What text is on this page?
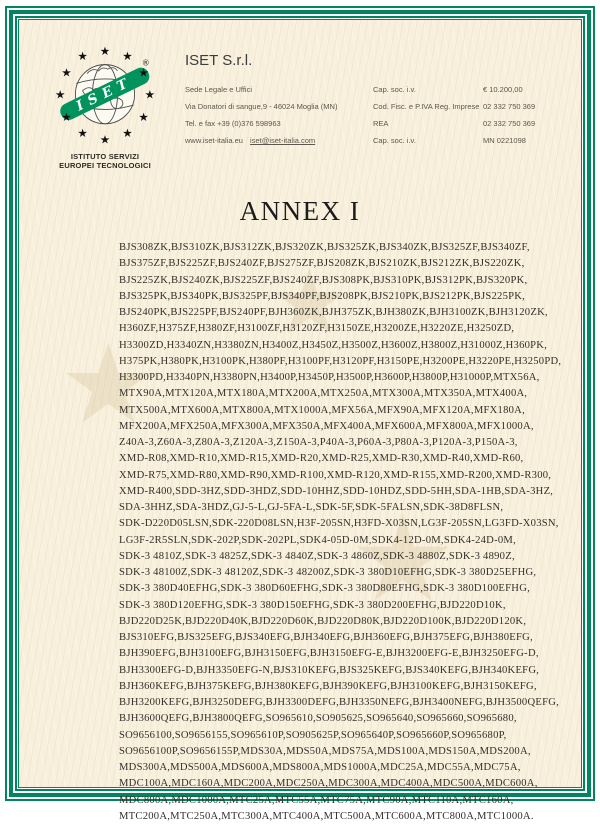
★
★
★
ISET
★ ★
★
★
★
★
★
★
★
★
★
★	®
ISTITUTO SERVIZI
EUROPEI TECNOLOGICI
ISET S.r.l.
Sede Legale e Uffici	Cap. soc. i.v.	€ 10.200,00
Via Donatori di sangue,9 - 46024 Moglia (MN)	Cod. Fisc. e P.IVA Reg. Imprese 02 332 750 369
Tel. e fax +39 (0)376 598963	REA	02 332 750 369
www.iset-italia.eu iset@iset-italia.com	Cap. soc. i.v.	MN 0221098
ANNEX I
BJS308ZK,BJS310ZK,BJS312ZK,BJS320ZK,BJS325ZK,BJS340ZK,BJS325ZF,BJS340ZF,
BJS375ZF,BJS225ZF,BJS240ZF,BJS275ZF,BJS208ZK,BJS210ZK,BJS212ZK,BJS220ZK,
BJS225ZK,BJS240ZK,BJS225ZF,BJS240ZF,BJS308PK,BJS310PK,BJS312PK,BJS320PK,
BJS325PK,BJS340PK,BJS325PF,BJS340PF,BJS208PK,BJS210PK,BJS212PK,BJS225PK,
BJS240PK,BJS225PF,BJS240PF,BJH360ZK,BJH375ZK,BJH380ZK,BJH3100ZK,BJH3120ZK,
H360ZF,H375ZF,H380ZF,H3100ZF,H3120ZF,H3150ZE,H3200ZE,H3220ZE,H3250ZD,
H3300ZD,H3340ZN,H3380ZN,H3400Z,H3450Z,H3500Z,H3600Z,H3800Z,H31000Z,H360PK,
H375PK,H380PK,H3100PK,H380PF,H3100PF,H3120PF,H3150PE,H3200PE,H3220PE,H3250PD,
H3300PD,H3340PN,H3380PN,H3400P,H3450P,H3500P,H3600P,H3800P,H31000P,MTX56A,
MTX90A,MTX120A,MTX180A,MTX200A,MTX250A,MTX300A,MTX350A,MTX400A,
MTX500A,MTX600A,MTX800A,MTX1000A,MFX56A,MFX90A,MFX120A,MFX180A,
MFX200A,MFX250A,MFX300A,MFX350A,MFX400A,MFX600A,MFX800A,MFX1000A,
Z40A-3,Z60A-3,Z80A-3,Z120A-3,Z150A-3,P40A-3,P60A-3,P80A-3,P120A-3,P150A-3,
XMD-R08,XMD-R10,XMD-R15,XMD-R20,XMD-R25,XMD-R30,XMD-R40,XMD-R60,
XMD-R75,XMD-R80,XMD-R90,XMD-R100,XMD-R120,XMD-R155,XMD-R200,XMD-R300,
XMD-R400,SDD-3HZ,SDD-3HDZ,SDD-10HHZ,SDD-10HDZ,SDD-5HH,SDA-1HB,SDA-3HZ,
SDA-3HHZ,SDA-3HDZ,GJ-5-L,GJ-5FA-L,SDK-5F,SDK-5FALSN,SDK-38D8FLSN,
SDK-D220D05LSN,SDK-220D08LSN,H3F-205SN,H3FD-X03SN,LG3F-205SN,LG3FD-X03SN,
LG3F-2R5SLN,SDK-202P,SDK-202PL,SDK4-05D-0M,SDK4-12D-0M,SDK4-24D-0M,
SDK-3 4810Z,SDK-3 4825Z,SDK-3 4840Z,SDK-3 4860Z,SDK-3 4880Z,SDK-3 4890Z,
SDK-3 48100Z,SDK-3 48120Z,SDK-3 48200Z,SDK-3 380D10EFHG,SDK-3 380D25EFHG,
SDK-3 380D40EFHG,SDK-3 380D60EFHG,SDK-3 380D80EFHG,SDK-3 380D100EFHG,
SDK-3 380D120EFHG,SDK-3 380D150EFHG,SDK-3 380D200EFHG,BJD220D10K,
BJD220D25K,BJD220D40K,BJD220D60K,BJD220D80K,BJD220D100K,BJD220D120K,
BJS310EFG,BJS325EFG,BJS340EFG,BJH340EFG,BJH360EFG,BJH375EFG,BJH380EFG,
BJH390EFG,BJH3100EFG,BJH3150EFG,BJH3150EFG-E,BJH3200EFG-E,BJH3250EFG-D,
BJH3300EFG-D,BJH3350EFG-N,BJS310KEFG,BJS325KEFG,BJS340KEFG,BJH340KEFG,
BJH360KEFG,BJH375KEFG,BJH380KEFG,BJH390KEFG,BJH3100KEFG,BJH3150KEFG,
BJH3200KEFG,BJH3250DEFG,BJH3300DEFG,BJH3350NEFG,BJH3400NEFG,BJH3500QEFG,
BJH3600QEFG,BJH3800QEFG,SO965610,SO905625,SO965640,SO965660,SO965680,
SO9656100,SO9656155,SO965610P,SO905625P,SO965640P,SO965660P,SO965680P,
SO9656100P,SO9656155P,MDS30A,MDS50A,MDS75A,MDS100A,MDS150A,MDS200A,
MDS300A,MDS500A,MDS600A,MDS800A,MDS1000A,MDC25A,MDC55A,MDC75A,
MDC100A,MDC160A,MDC200A,MDC250A,MDC300A,MDC400A,MDC500A,MDC600A,
MDC800A,MDC1000A,MTC25A,MTC55A,MTC75A,MTC90A,MTC110A,MTC160A,
MTC200A,MTC250A,MTC300A,MTC400A,MTC500A,MTC600A,MTC800A,MTC1000A.
